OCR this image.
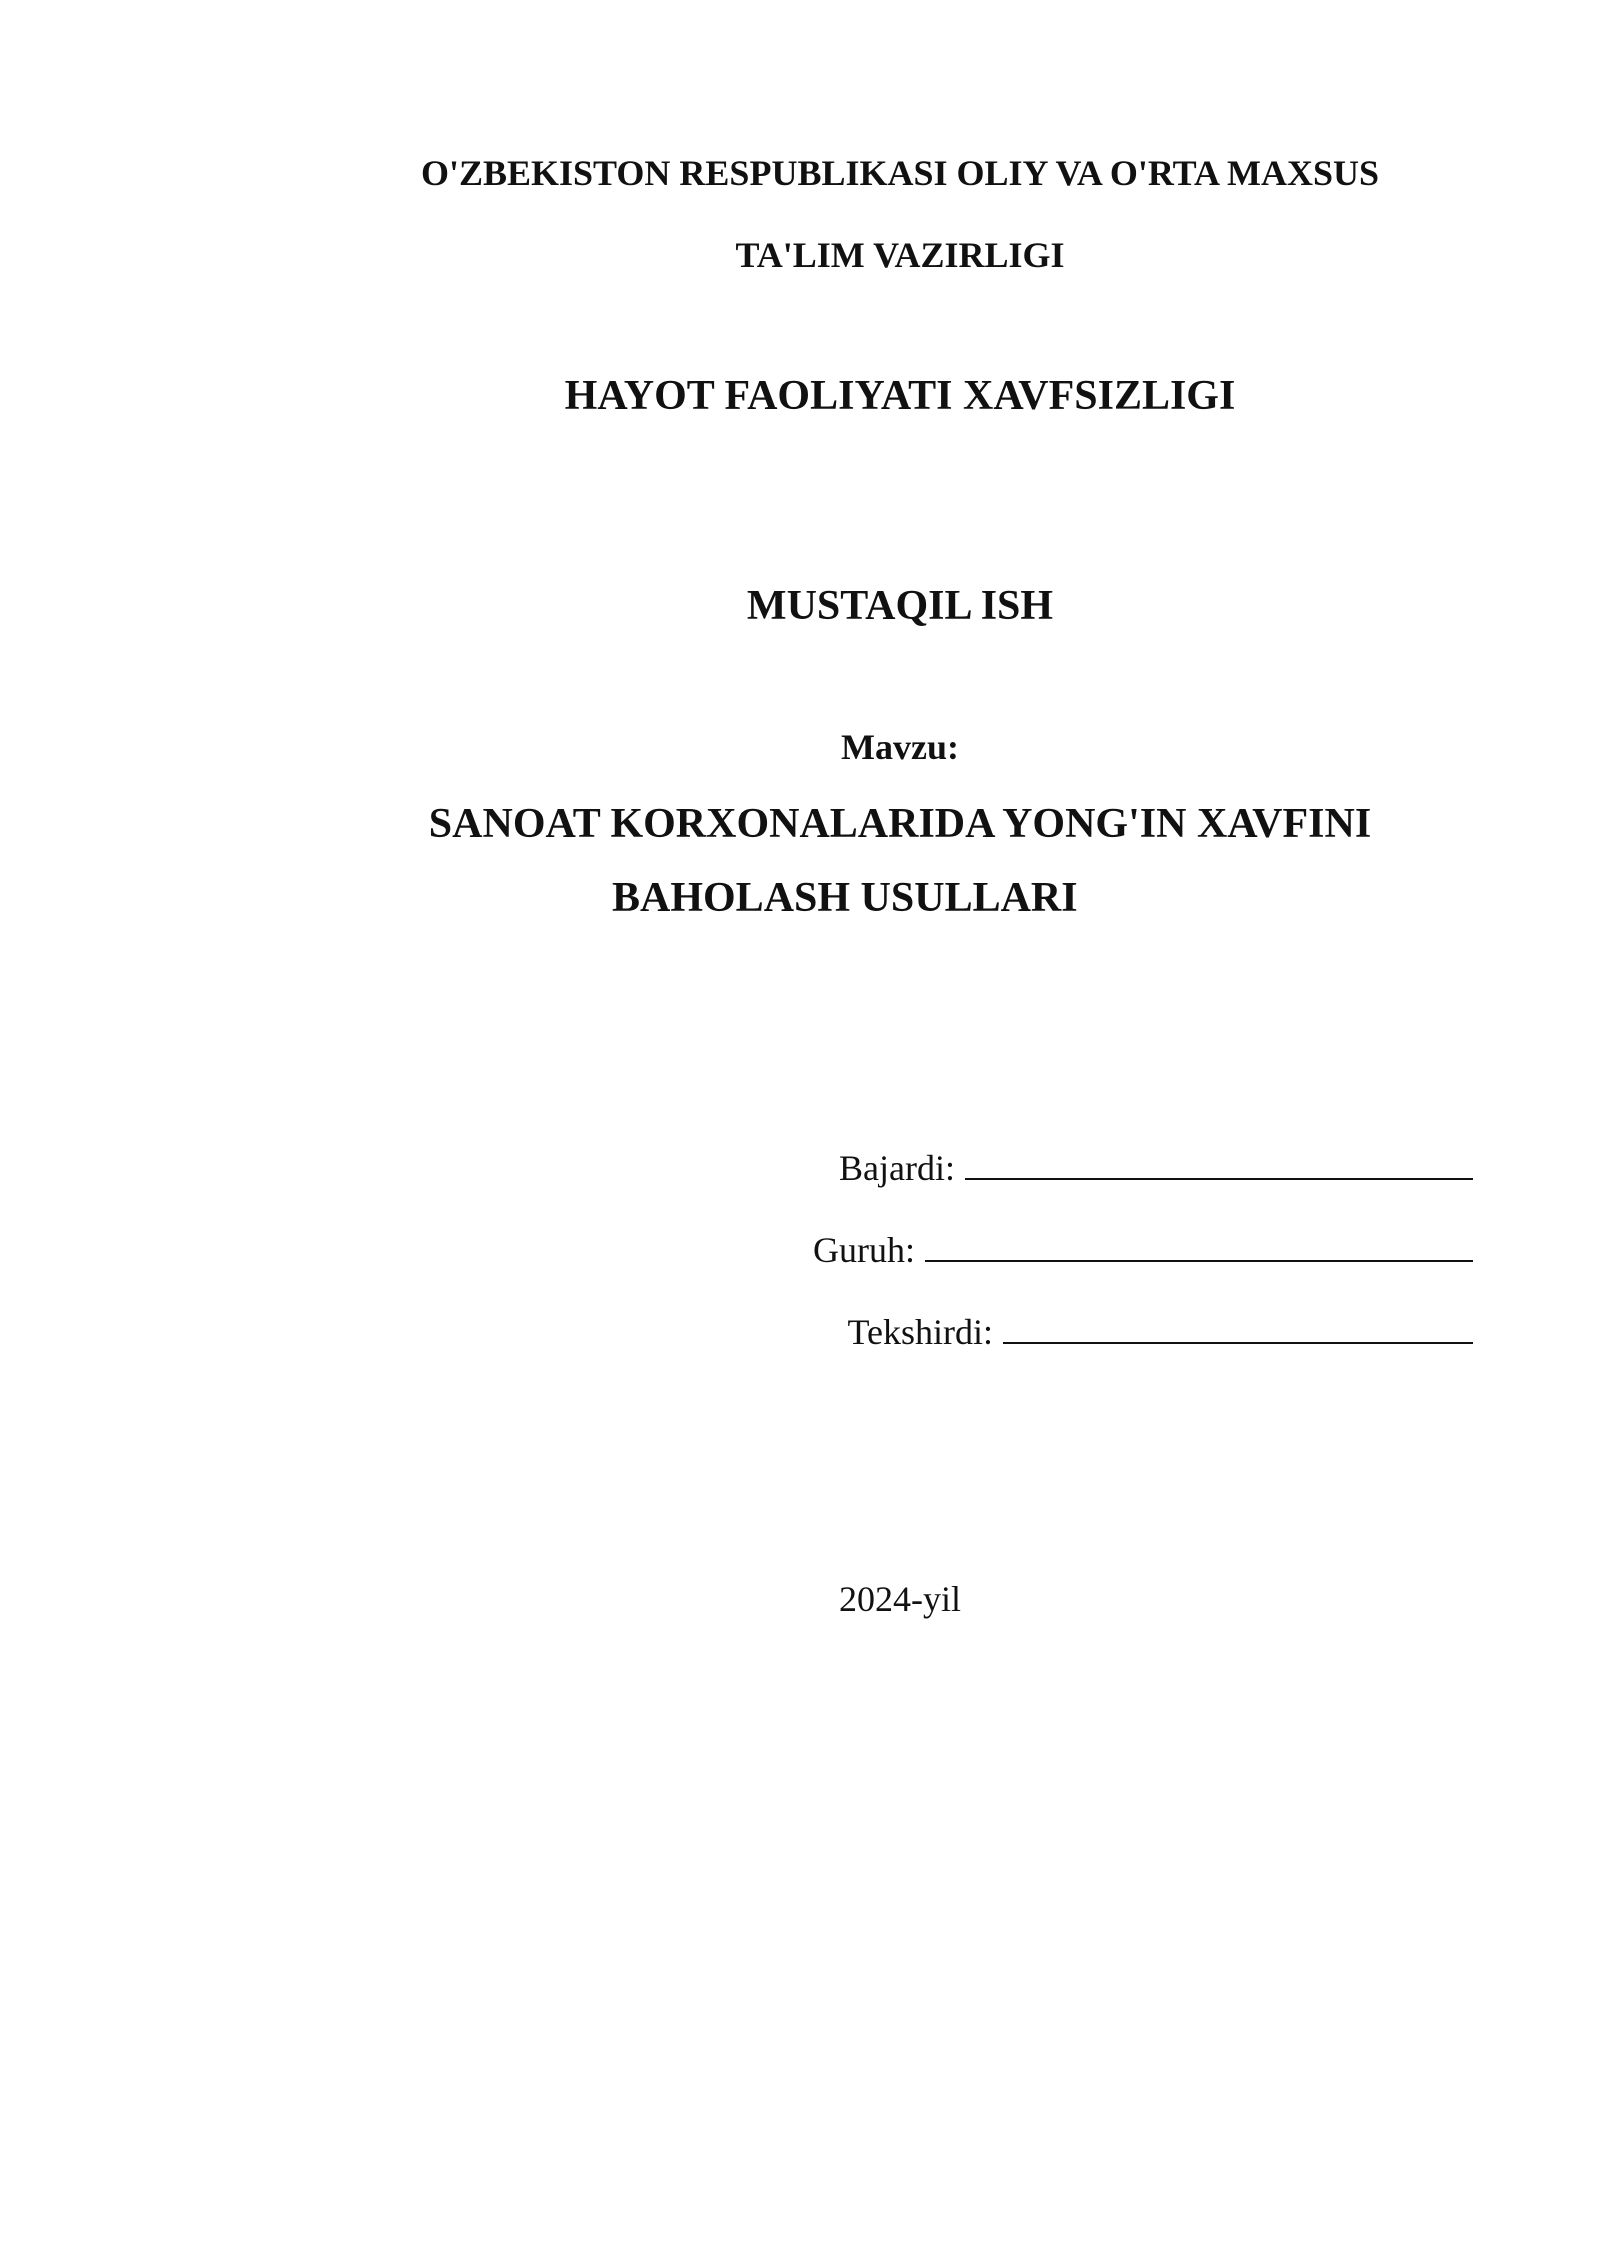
O'ZBEKISTON RESPUBLIKASI OLIY VA O'RTA MAXSUS
TA'LIM VAZIRLIGI
HAYOT FAOLIYATI XAVFSIZLIGI
MUSTAQIL ISH
Mavzu:
SANOAT KORXONALARIDA YONG'IN XAVFINI
BAHOLASH USULLARI
Bajardi:
Guruh:
Tekshirdi:
2024-yil
